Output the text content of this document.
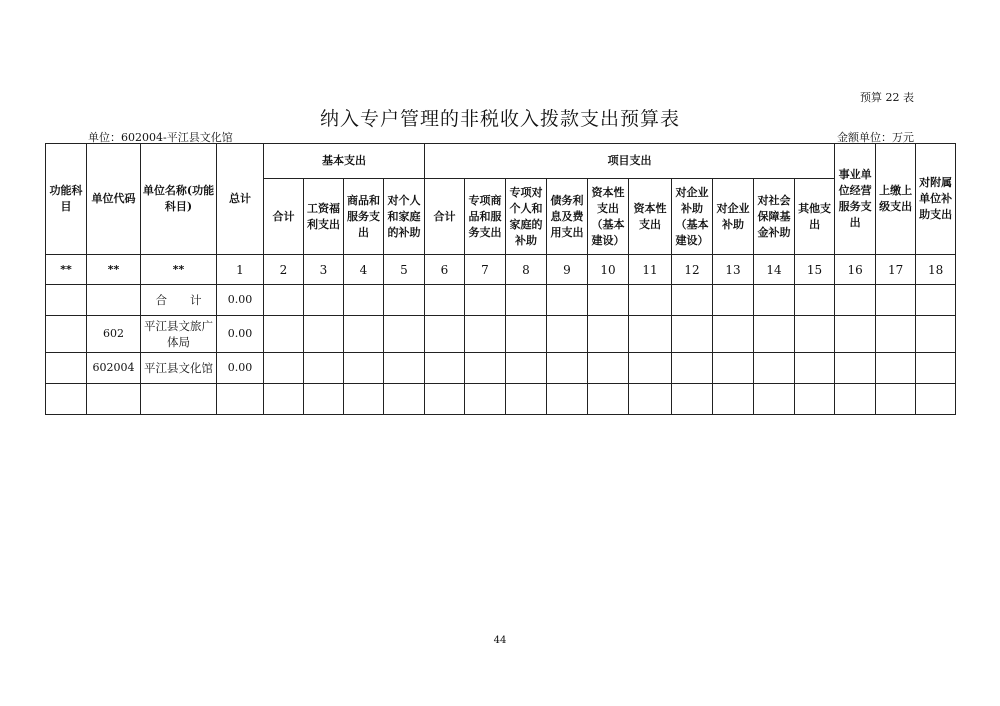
预算 22 表
纳入专户管理的非税收入拨款支出预算表
单位：602004-平江县文化馆	金额单位：万元
功能科目	单位代码	单位名称(功能科目)	总计	基本支出				项目支出										事业单位经营服务支出	上缴上级支出	对附属单位补助支出
				合计	工资福利支出	商品和服务支出	对个人和家庭的补助	合计	专项商品和服务支出	专项对个人和家庭的补助	债务利息及费用支出	资本性支出（基本建设）	资本性支出	对企业补助（基本建设）	对企业补助	对社会保障基金补助	其他支出			
**	**	**	1	2	3	4	5	6	7	8	9	10	11	12	13	14	15	16	17	18
		合　　计	0.00																	
	602	平江县文旅广体局	0.00																	
	602004	平江县文化馆	0.00																	

44
